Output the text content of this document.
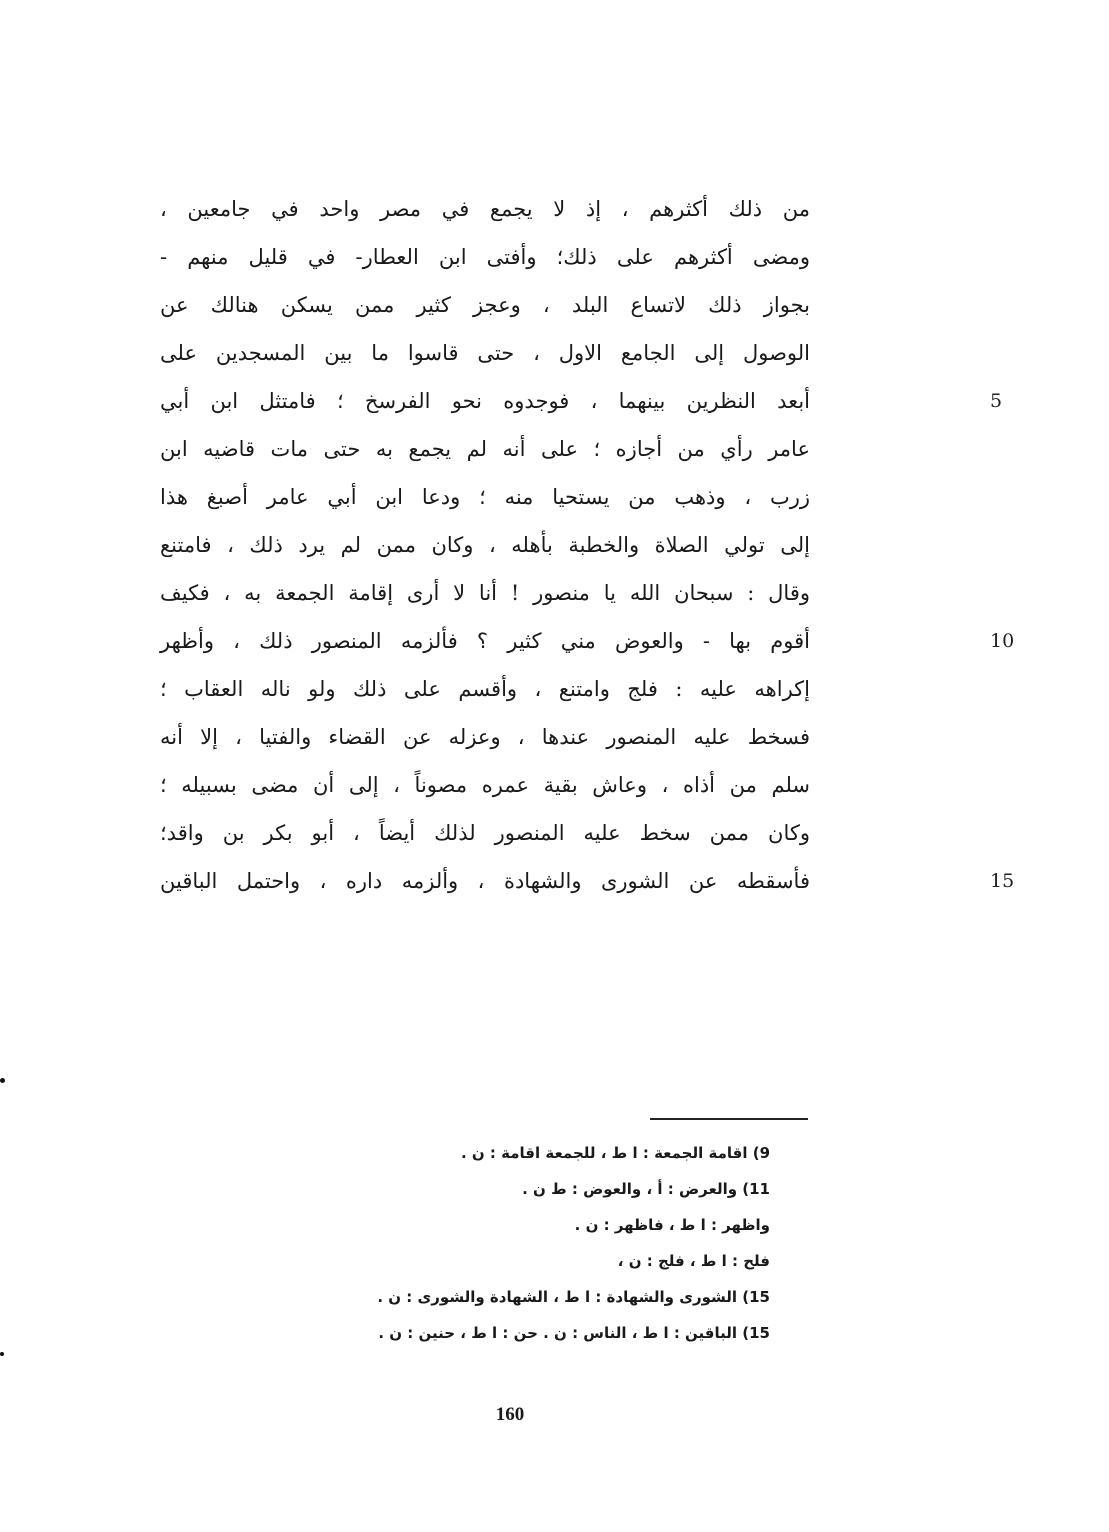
من ذلك أكثرهم ، إذ لا يجمع في مصر واحد في جامعين ،
ومضى أكثرهم على ذلك؛ وأفتى ابن العطار- في قليل منهم -
بجواز ذلك لاتساع البلد ، وعجز كثير ممن يسكن هنالك عن
الوصول إلى الجامع الاول ، حتى قاسوا ما بين المسجدين على
أبعد النظرين بينهما ، فوجدوه نحو الفرسخ ؛ فامتثل ابن أبي	5
عامر رأي من أجازه ؛ على أنه لم يجمع به حتى مات قاضيه ابن
زرب ، وذهب من يستحيا منه ؛ ودعا ابن أبي عامر أصبغ هذا
إلى تولي الصلاة والخطبة بأهله ، وكان ممن لم يرد ذلك ، فامتنع
وقال : سبحان الله يا منصور ! أنا لا أرى إقامة الجمعة به ، فكيف
أقوم بها - والعوض مني كثير ؟ فألزمه المنصور ذلك ، وأظهر	10
إكراهه عليه : فلج وامتنع ، وأقسم على ذلك ولو ناله العقاب ؛
فسخط عليه المنصور عندها ، وعزله عن القضاء والفتيا ، إلا أنه
سلم من أذاه ، وعاش بقية عمره مصوناً ، إلى أن مضى بسبيله ؛
وكان ممن سخط عليه المنصور لذلك أيضاً ، أبو بكر بن واقد؛
فأسقطه عن الشورى والشهادة ، وألزمه داره ، واحتمل الباقين	15
9) اقامة الجمعة : ا ط ، للجمعة اقامة : ن .
11) والعرض : أ ، والعوض : ط ن .
واظهر : ا ط ، فاظهر : ن .
فلح : ا ط ، فلج : ن ،
15) الشورى والشهادة : ا ط ، الشهادة والشورى : ن .
15) الباقين : ا ط ، الناس : ن . حن : ا ط ، حنين : ن .
160
